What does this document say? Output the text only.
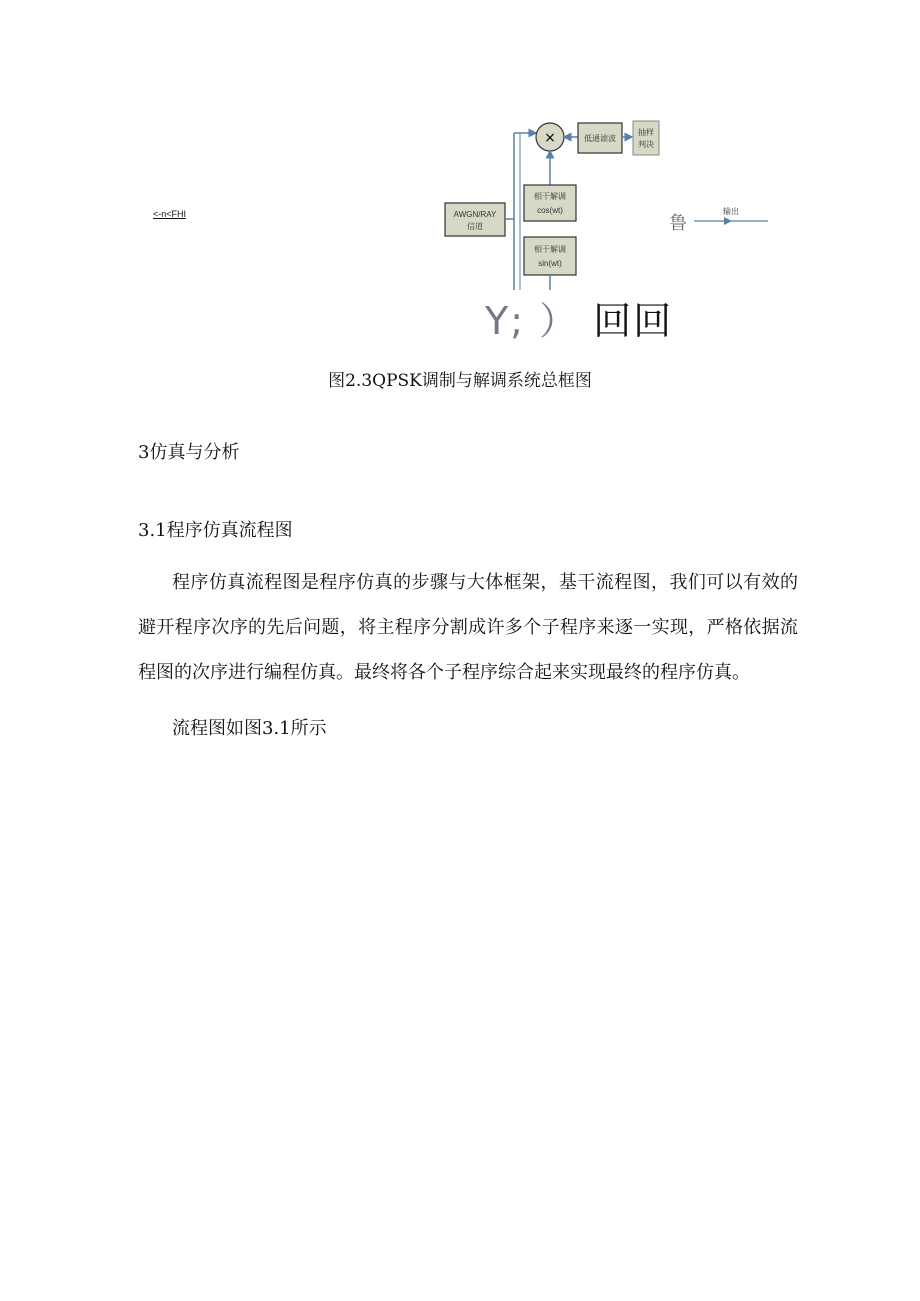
<-n<FHI	AWGN/RAY
信道
×	低通滤波
抽样
判决
相干解调
cos(wt)
相干解调
sin(wt)
鲁
输出
Y; ） 回回
图2.3QPSK调制与解调系统总框图
3仿真与分析
3.1程序仿真流程图
程序仿真流程图是程序仿真的步骤与大体框架，基干流程图，我们可以有效的避开程序次序的先后问题，将主程序分割成许多个子程序来逐一实现，严格依据流程图的次序进行编程仿真。最终将各个子程序综合起来实现最终的程序仿真。
流程图如图3.1所示
